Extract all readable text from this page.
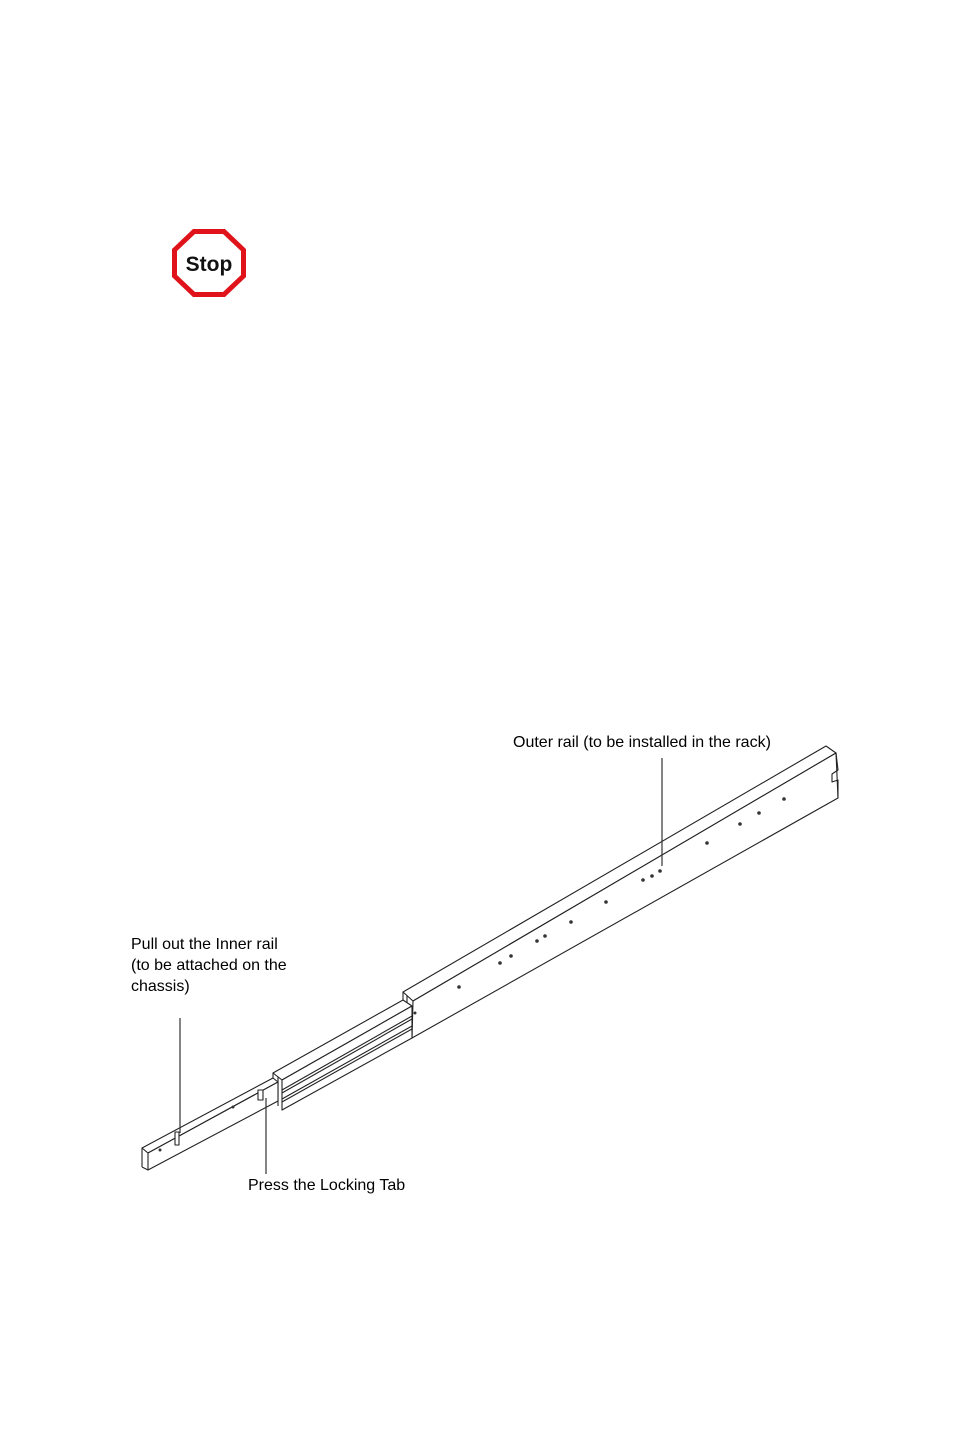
Stop
Outer rail (to be installed in the rack)
Pull out the Inner rail (to be attached on the chassis)
Press the Locking Tab
